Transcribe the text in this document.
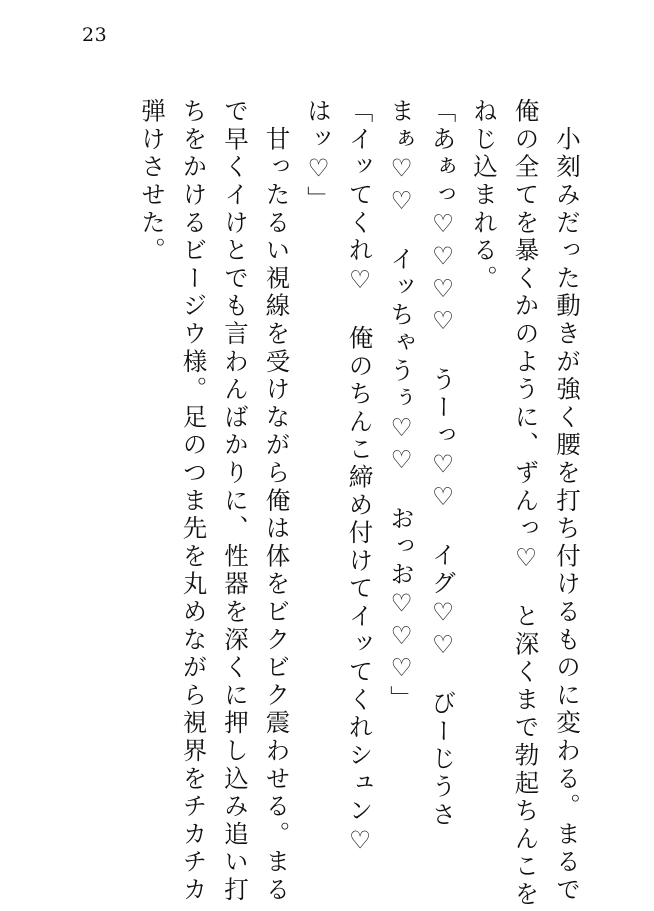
23

　小刻みだった動きが強く腰を打ち付けるものに変わる。まるで

俺の全てを暴くかのように、ずんっ♡　と深くまで勃起ちんこを

ねじ込まれる。

「あぁっ♡♡♡♡　うーっ♡♡　イグ♡♡　びーじうさ

まぁ♡♡　イッちゃうぅ♡♡　おっお♡♡♡」

「イッてくれ♡　俺のちんこ締め付けてイッてくれシュン♡

はッ♡」

　甘ったるい視線を受けながら俺は体をビクビク震わせる。まる

で早くイけとでも言わんばかりに、性器を深くに押し込み追い打

ちをかけるビージウ様。足のつま先を丸めながら視界をチカチカ

弾けさせた。
